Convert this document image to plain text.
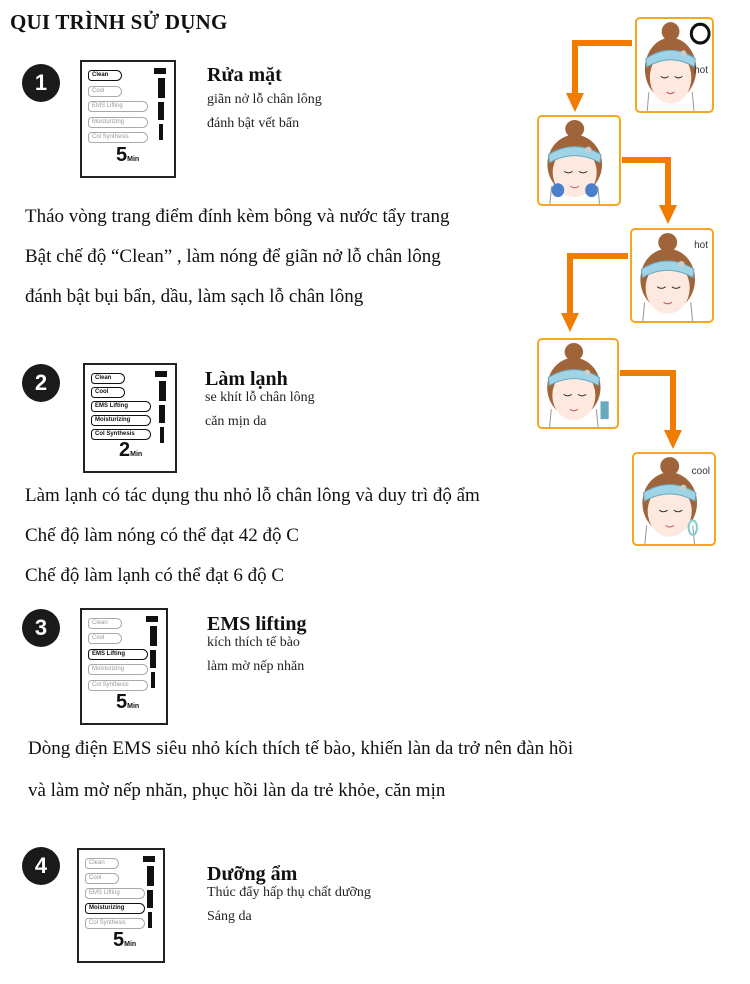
QUI TRÌNH SỬ DỤNG
1	Clean
Cool
EMS Lifting
Moisturizing
Col Synthesis
5Min
Rửa mặt
giãn nở lỗ chân lông
đánh bật vết bẩn
Tháo vòng trang điểm đính kèm bông và nước tẩy trang
Bật chế độ “Clean” , làm nóng để giãn nở lỗ chân lông
đánh bật bụi bẩn, dầu, làm sạch lỗ chân lông
2	Clean
Cool
EMS Lifting
Moisturizing
Col Synthesis
2Min
Làm lạnh
se khít lỗ chân lông
căn mịn da
Làm lạnh có tác dụng thu nhỏ lỗ chân lông và duy trì độ ẩm
Chế độ làm nóng có thể đạt 42 độ C
Chế độ làm lạnh có thể đạt 6 độ C
3	Clean
Cool
EMS Lifting
Moisturizing
Col Synthesis
5Min
EMS lifting
kích thích tế bào
làm mờ nếp nhăn
Dòng điện EMS siêu nhỏ kích thích tế bào, khiến làn da trở nên đàn hồi
và làm mờ nếp nhăn, phục hồi làn da trẻ khỏe, căn mịn
4	Clean
Cool
EMS Lifting
Moisturizing
Col Synthesis
5Min
Dưỡng ẩm
Thúc đẩy hấp thụ chất dưỡng
Sáng da
hot
hot
cool
